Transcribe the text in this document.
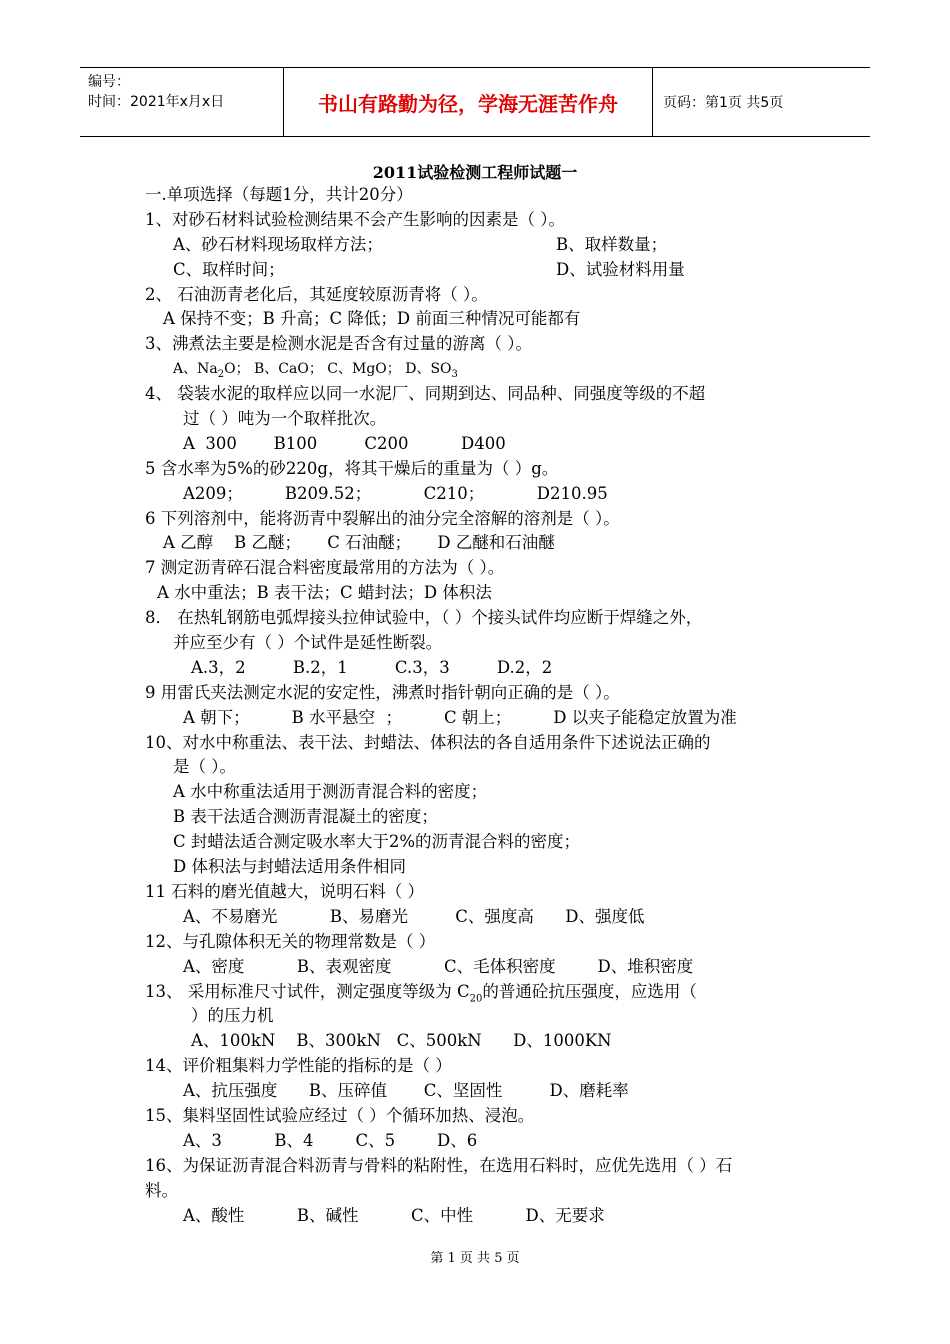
编号：
时间：2021年x月x日	书山有路勤为径，学海无涯苦作舟	页码：第1页 共5页
2011试验检测工程师试题一
一.单项选择（每题1分，共计20分）
1、对砂石材料试验检测结果不会产生影响的因素是（ ）。
A、砂石材料现场取样方法；	B、取样数量；
C、取样时间；	D、试验材料用量
2、 石油沥青老化后，其延度较原沥青将（ ）。
A 保持不变；B 升高；C 降低；D 前面三种情况可能都有
3、沸煮法主要是检测水泥是否含有过量的游离（ ）。
A、$Na_2O$； B、CaO； C、MgO； D、$SO_3$
4、 袋装水泥的取样应以同一水泥厂、同期到达、同品种、同强度等级的不超
过（ ）吨为一个取样批次。
A  300       B100         C200          D400
5 含水率为5%的砂220g，将其干燥后的重量为（ ）g。
A209；        B209.52；          C210；          D210.95
6 下列溶剂中，能将沥青中裂解出的油分完全溶解的溶剂是（ ）。
A 乙醇    B 乙醚；     C 石油醚；     D 乙醚和石油醚
7 测定沥青碎石混合料密度最常用的方法为（ ）。
A 水中重法；B 表干法；C 蜡封法；D 体积法
8． 在热轧钢筋电弧焊接头拉伸试验中，（ ）个接头试件均应断于焊缝之外，
并应至少有（ ）个试件是延性断裂。
A.3，2         B.2，1         C.3，3         D.2，2
9 用雷氏夹法测定水泥的安定性，沸煮时指针朝向正确的是（ ）。
A 朝下；        B 水平悬空  ；        C 朝上；        D 以夹子能稳定放置为准
10、对水中称重法、表干法、封蜡法、体积法的各自适用条件下述说法正确的
是（ ）。
A 水中称重法适用于测沥青混合料的密度；
B 表干法适合测沥青混凝土的密度；
C 封蜡法适合测定吸水率大于2%的沥青混合料的密度；
D 体积法与封蜡法适用条件相同
11 石料的磨光值越大，说明石料（ ）
A、不易磨光          B、易磨光         C、强度高      D、强度低
12、与孔隙体积无关的物理常数是（ ）
A、密度          B、表观密度          C、毛体积密度        D、堆积密度
13、 采用标准尺寸试件，测定强度等级为 $C_{20}$的普通砼抗压强度，应选用（
）的压力机
A、100kN    B、300kN   C、500kN      D、1000KN
14、评价粗集料力学性能的指标的是（ ）
A、抗压强度      B、压碎值       C、坚固性         D、磨耗率
15、集料坚固性试验应经过（ ）个循环加热、浸泡。
A、3          B、4        C、5        D、6
16、为保证沥青混合料沥青与骨料的粘附性，在选用石料时，应优先选用（ ）石
料。
A、酸性          B、碱性          C、中性          D、无要求
第 1 页 共 5 页
